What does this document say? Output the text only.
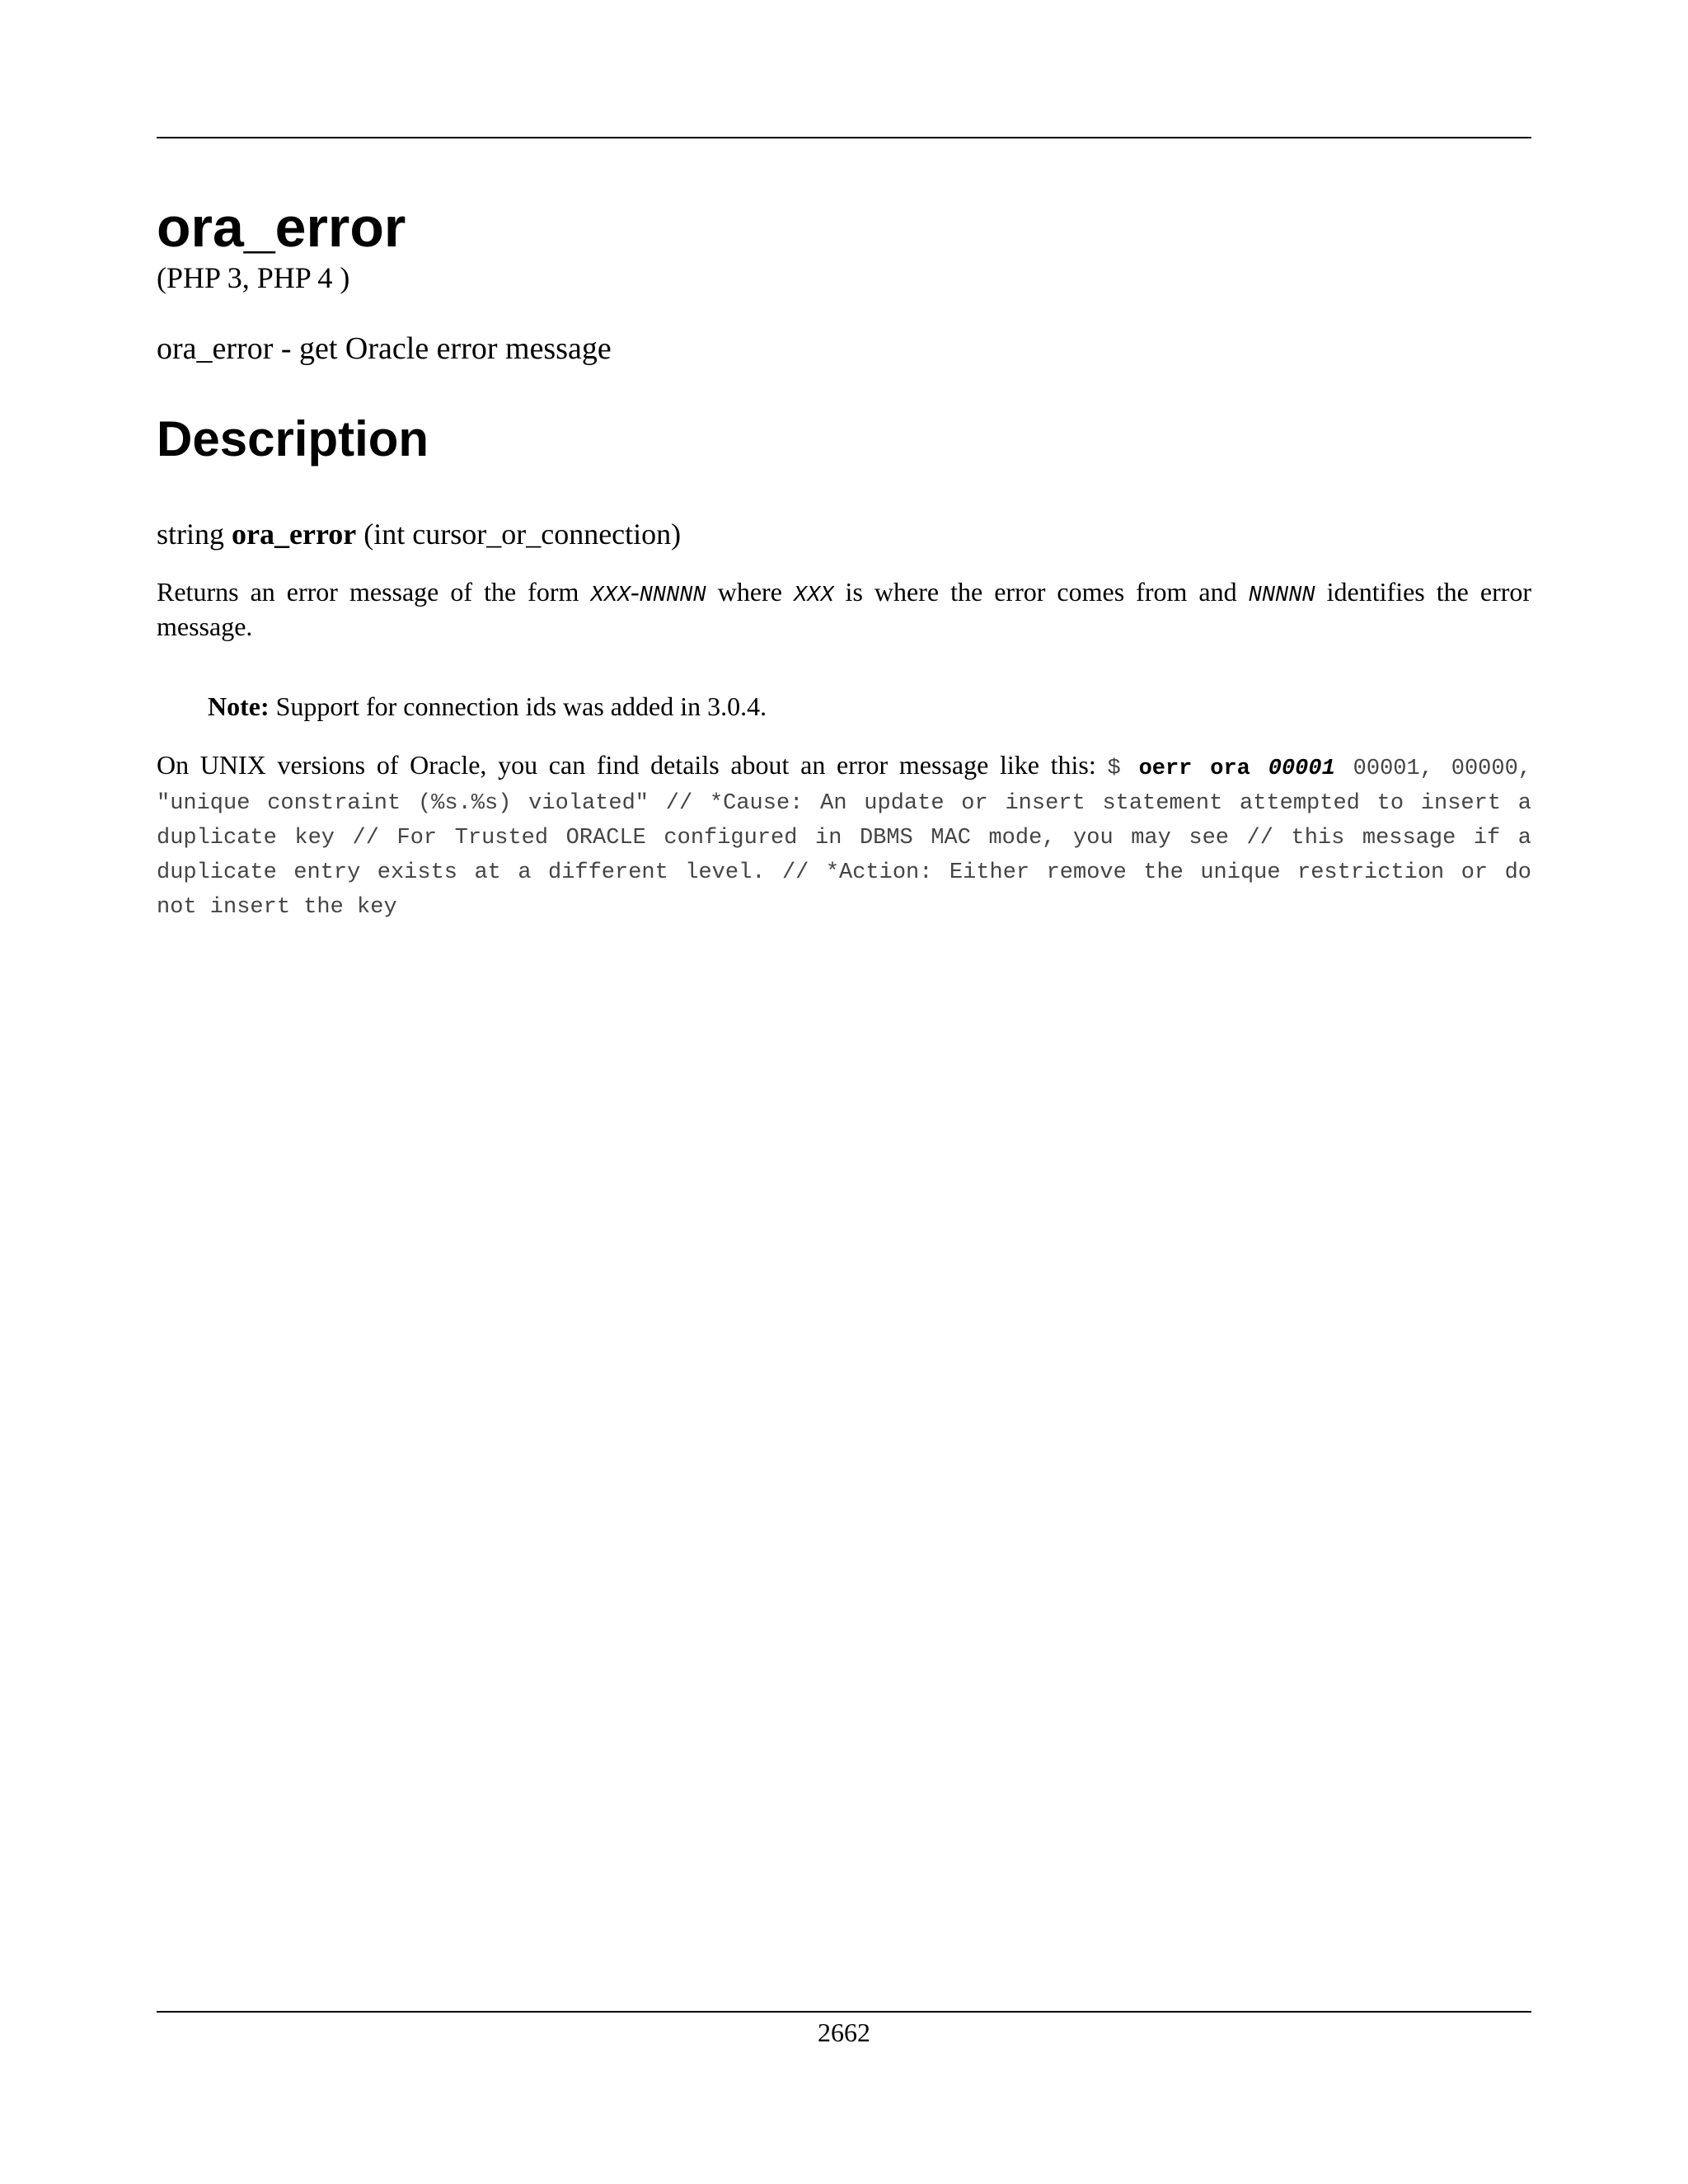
ora_error
(PHP 3, PHP 4 )
ora_error - get Oracle error message
Description
string ora_error (int cursor_or_connection)

Returns an error message of the form XXX-NNNNN where XXX is where the error comes from and NNNNN identifies the error message.

Note: Support for connection ids was added in 3.0.4.

On UNIX versions of Oracle, you can find details about an error message like this: $ oerr ora 00001 00001, 00000, "unique constraint (%s.%s) violated" // *Cause: An update or insert statement attempted to insert a duplicate key // For Trusted ORACLE configured in DBMS MAC mode, you may see // this message if a duplicate entry exists at a different level. // *Action: Either remove the unique restriction or do not insert the key

2662
